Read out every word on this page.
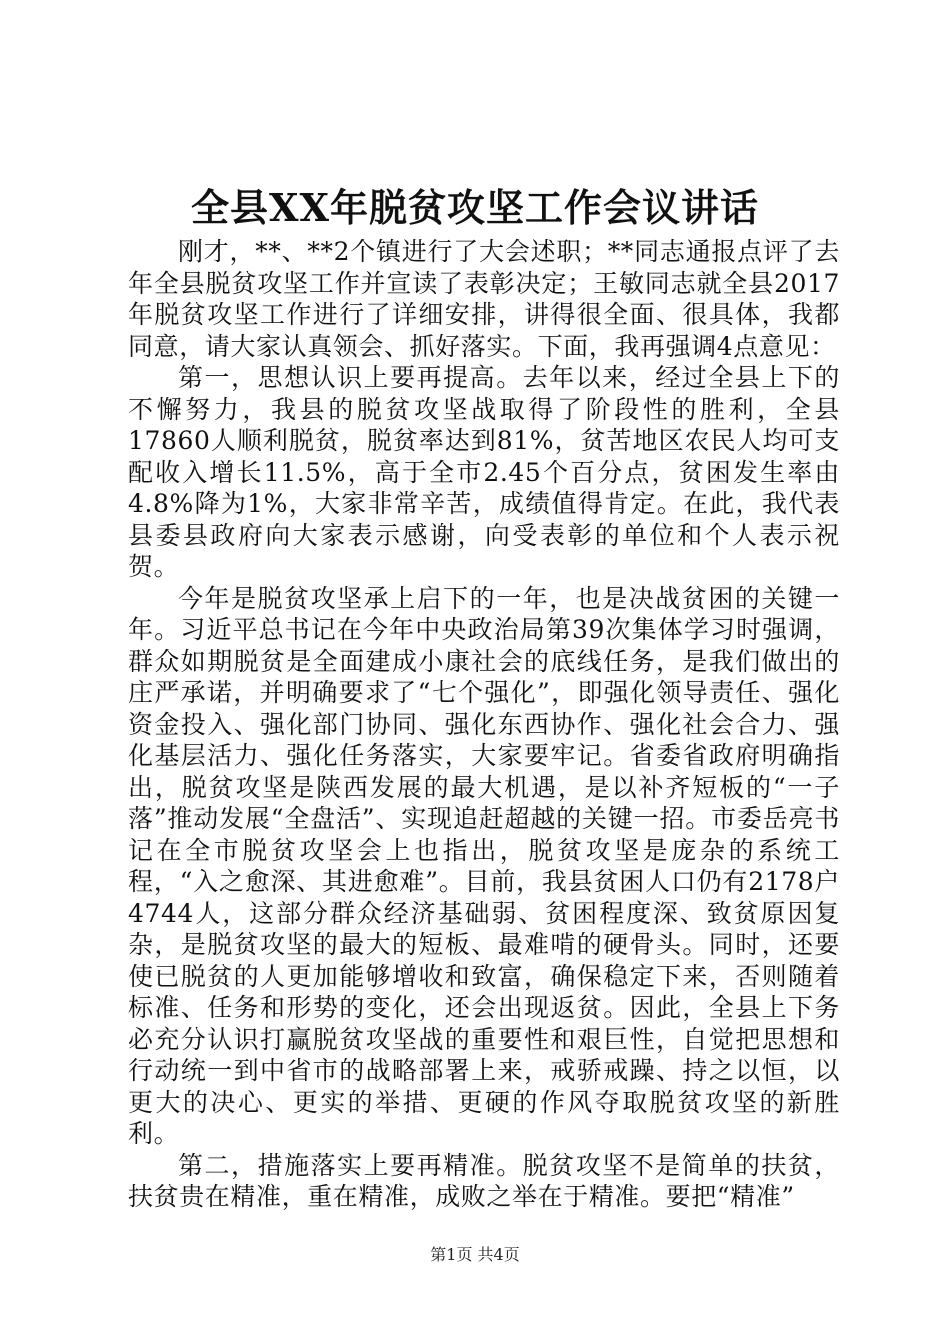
全县XX年脱贫攻坚工作会议讲话

刚才，**、**2个镇进行了大会述职；**同志通报点评了去年全县脱贫攻坚工作并宣读了表彰决定；王敏同志就全县2017年脱贫攻坚工作进行了详细安排，讲得很全面、很具体，我都同意，请大家认真领会、抓好落实。下面，我再强调4点意见：

第一，思想认识上要再提高。去年以来，经过全县上下的不懈努力，我县的脱贫攻坚战取得了阶段性的胜利，全县17860人顺利脱贫，脱贫率达到81%，贫苦地区农民人均可支配收入增长11.5%，高于全市2.45个百分点，贫困发生率由4.8%降为1%，大家非常辛苦，成绩值得肯定。在此，我代表县委县政府向大家表示感谢，向受表彰的单位和个人表示祝贺。

今年是脱贫攻坚承上启下的一年，也是决战贫困的关键一年。习近平总书记在今年中央政治局第39次集体学习时强调，群众如期脱贫是全面建成小康社会的底线任务，是我们做出的庄严承诺，并明确要求了“七个强化”，即强化领导责任、强化资金投入、强化部门协同、强化东西协作、强化社会合力、强化基层活力、强化任务落实，大家要牢记。省委省政府明确指出，脱贫攻坚是陕西发展的最大机遇，是以补齐短板的“一子落”推动发展“全盘活”、实现追赶超越的关键一招。市委岳亮书记在全市脱贫攻坚会上也指出，脱贫攻坚是庞杂的系统工程，“入之愈深、其进愈难”。目前，我县贫困人口仍有2178户4744人，这部分群众经济基础弱、贫困程度深、致贫原因复杂，是脱贫攻坚的最大的短板、最难啃的硬骨头。同时，还要使已脱贫的人更加能够增收和致富，确保稳定下来，否则随着标准、任务和形势的变化，还会出现返贫。因此，全县上下务必充分认识打赢脱贫攻坚战的重要性和艰巨性，自觉把思想和行动统一到中省市的战略部署上来，戒骄戒躁、持之以恒，以更大的决心、更实的举措、更硬的作风夺取脱贫攻坚的新胜利。

第二，措施落实上要再精准。脱贫攻坚不是简单的扶贫，扶贫贵在精准，重在精准，成败之举在于精准。要把“精准”

第1页 共4页
